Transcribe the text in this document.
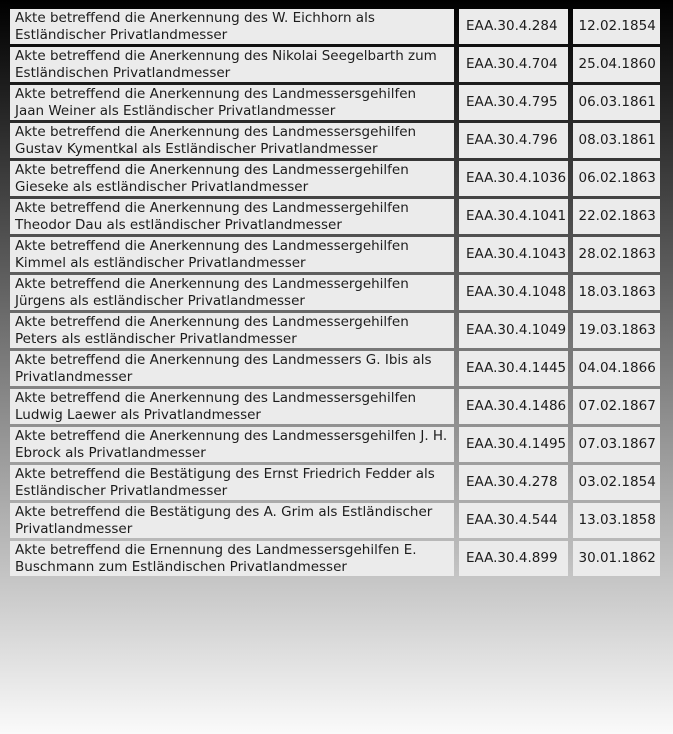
Akte betreffend die Anerkennung des W. Eichhorn als Estländischer Privatlandmesser	EAA.30.4.284	12.02.1854
Akte betreffend die Anerkennung des Nikolai Seegelbarth zum Estländischen Privatlandmesser	EAA.30.4.704	25.04.1860
Akte betreffend die Anerkennung des Landmessersgehilfen Jaan Weiner als Estländischer Privatlandmesser	EAA.30.4.795	06.03.1861
Akte betreffend die Anerkennung des Landmessersgehilfen Gustav Kymentkal als Estländischer Privatlandmesser	EAA.30.4.796	08.03.1861
Akte betreffend die Anerkennung des Landmessergehilfen Gieseke als estländischer Privatlandmesser	EAA.30.4.1036	06.02.1863
Akte betreffend die Anerkennung des Landmessergehilfen Theodor Dau als estländischer Privatlandmesser	EAA.30.4.1041	22.02.1863
Akte betreffend die Anerkennung des Landmessergehilfen Kimmel als estländischer Privatlandmesser	EAA.30.4.1043	28.02.1863
Akte betreffend die Anerkennung des Landmessergehilfen Jürgens als estländischer Privatlandmesser	EAA.30.4.1048	18.03.1863
Akte betreffend die Anerkennung des Landmessergehilfen Peters als estländischer Privatlandmesser	EAA.30.4.1049	19.03.1863
Akte betreffend die Anerkennung des Landmessers G. Ibis als Privatlandmesser	EAA.30.4.1445	04.04.1866
Akte betreffend die Anerkennung des Landmessersgehilfen Ludwig Laewer als Privatlandmesser	EAA.30.4.1486	07.02.1867
Akte betreffend die Anerkennung des Landmessersgehilfen J. H. Ebrock als Privatlandmesser	EAA.30.4.1495	07.03.1867
Akte betreffend die Bestätigung des Ernst Friedrich Fedder als Estländischer Privatlandmesser	EAA.30.4.278	03.02.1854
Akte betreffend die Bestätigung des A. Grim als Estländischer Privatlandmesser	EAA.30.4.544	13.03.1858
Akte betreffend die Ernennung des Landmessersgehilfen E. Buschmann zum Estländischen Privatlandmesser	EAA.30.4.899	30.01.1862
